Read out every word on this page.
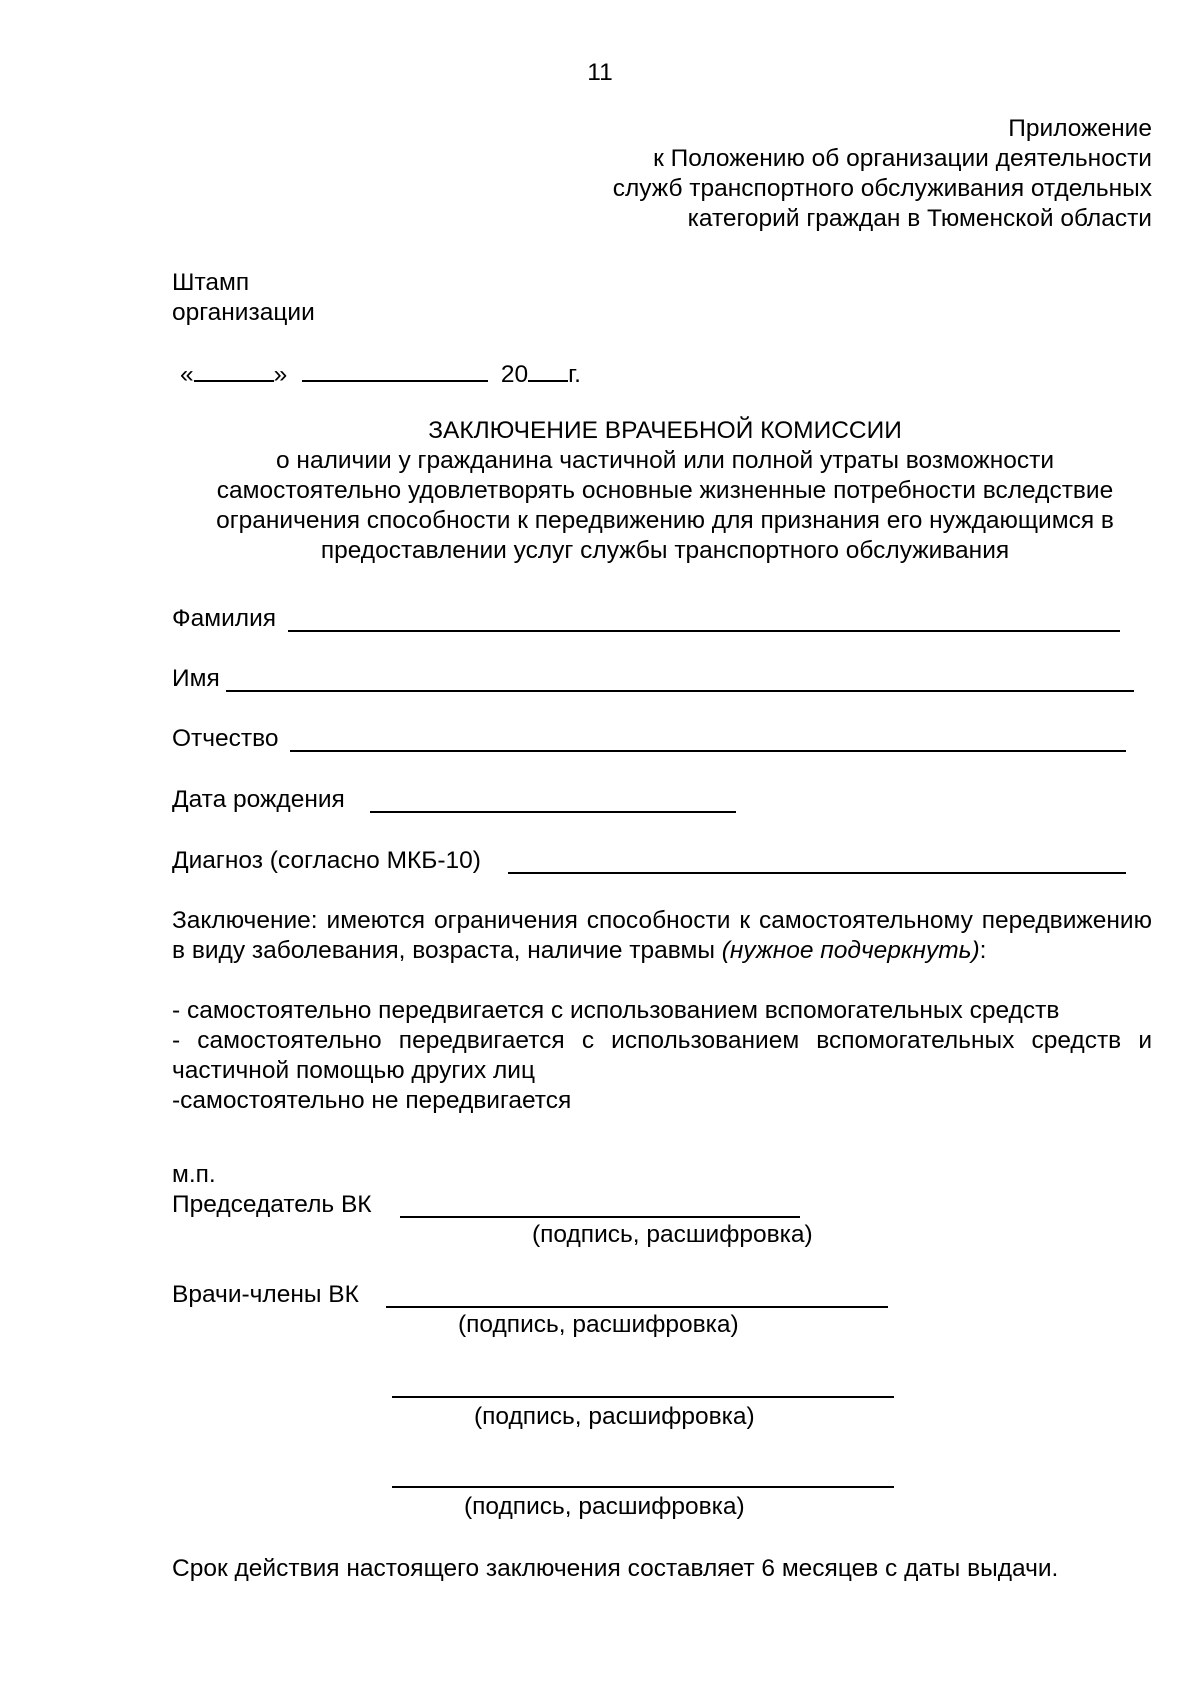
11
Приложение
к Положению об организации деятельности
служб транспортного обслуживания отдельных
категорий граждан в Тюменской области
Штамп
организации
«	»	20 г.
ЗАКЛЮЧЕНИЕ ВРАЧЕБНОЙ КОМИССИИ
о наличии у гражданина частичной или полной утраты возможности
самостоятельно удовлетворять основные жизненные потребности вследствие
ограничения способности к передвижению для признания его нуждающимся в
предоставлении услуг службы транспортного обслуживания
Фамилия
Имя
Отчество
Дата рождения
Диагноз (согласно МКБ-10)
Заключение: имеются ограничения способности к самостоятельному передвижению в виду заболевания, возраста, наличие травмы (нужное подчеркнуть):
- самостоятельно передвигается с использованием вспомогательных средств
- самостоятельно передвигается с использованием вспомогательных средств и частичной помощью других лиц
-самостоятельно не передвигается
м.п.
Председатель ВК
(подпись, расшифровка)
Врачи-члены ВК
(подпись, расшифровка)
(подпись, расшифровка)
(подпись, расшифровка)
Срок действия настоящего заключения составляет 6 месяцев с даты выдачи.
